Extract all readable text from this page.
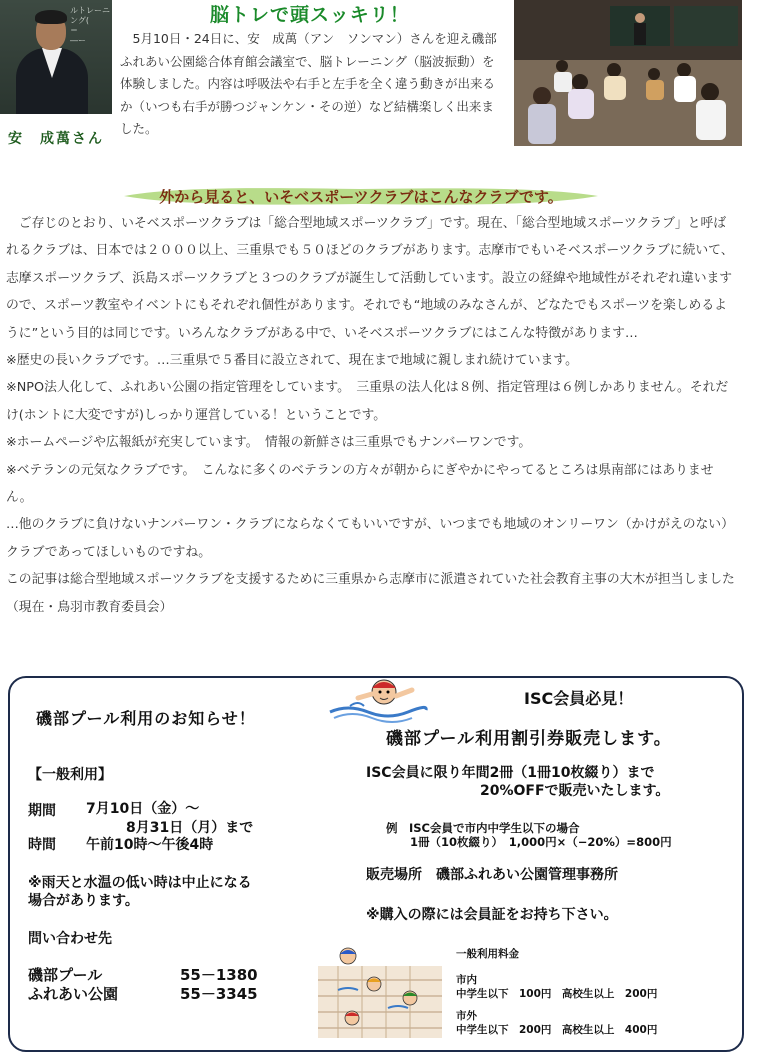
ルトレーニング(
＝
―ー
安　成萬さん
脳トレで頭スッキリ！
　5月10日・24日に、安　成萬（アン　ソンマン）さんを迎え磯部ふれあい公園総合体育館会議室で、脳トレーニング（脳波振動）を体験しました。内容は呼吸法や右手と左手を全く違う動きが出来るか（いつも右手が勝つジャンケン・その逆）など結構楽しく出来ました。
外から見ると、いそベスポーツクラブはこんなクラブです。

　ご存じのとおり、いそベスポーツクラブは「総合型地域スポーツクラブ」です。現在、「総合型地域スポーツクラブ」と呼ばれるクラブは、日本では２０００以上、三重県でも５０ほどのクラブがあります。志摩市でもいそベスポーツクラブに続いて、志摩スポーツクラブ、浜島スポーツクラブと３つのクラブが誕生して活動しています。設立の経緯や地域性がそれぞれ違いますので、スポーツ教室やイベントにもそれぞれ個性があります。それでも“地域のみなさんが、どなたでもスポーツを楽しめるように”という目的は同じです。いろんなクラブがある中で、いそベスポーツクラブにはこんな特徴があります…

※歴史の長いクラブです。…三重県で５番目に設立されて、現在まで地域に親しまれ続けています。

※NPO法人化して、ふれあい公園の指定管理をしています。　三重県の法人化は８例、指定管理は６例しかありません。それだけ(ホントに大変ですが)しっかり運営している！ということです。

※ホームページや広報紙が充実しています。　情報の新鮮さは三重県でもナンバーワンです。

※ベテランの元気なクラブです。　こんなに多くのベテランの方々が朝からにぎやかにやってるところは県南部にはありません。

…他のクラブに負けないナンバーワン・クラブにならなくてもいいですが、いつまでも地域のオンリーワン（かけがえのない）クラブであってほしいものですね。

この記事は総合型地域スポーツクラブを支援するために三重県から志摩市に派遣されていた社会教育主事の大木が担当しました（現在・鳥羽市教育委員会）

磯部プール利用のお知らせ！
ISC会員必見！
磯部プール利用割引券販売します。
【一般利用】
期間 7月10日（金）～
8月31日（月）まで
時間 午前10時～午後4時
※雨天と水温の低い時は中止になる
場合があります。
問い合わせ先
磯部プール	55－1380
ふれあい公園	55－3345
ISC会員に限り年間2冊（1冊10枚綴り）まで
20%OFFで販売いたします。
例　ISC会員で市内中学生以下の場合
1冊（10枚綴り）　1,000円×（−20%）=800円
販売場所　磯部ふれあい公園管理事務所
※購入の際には会員証をお持ち下さい。
一般利用料金
市内
中学生以下　100円　高校生以上　200円
市外
中学生以下　200円　高校生以上　400円
